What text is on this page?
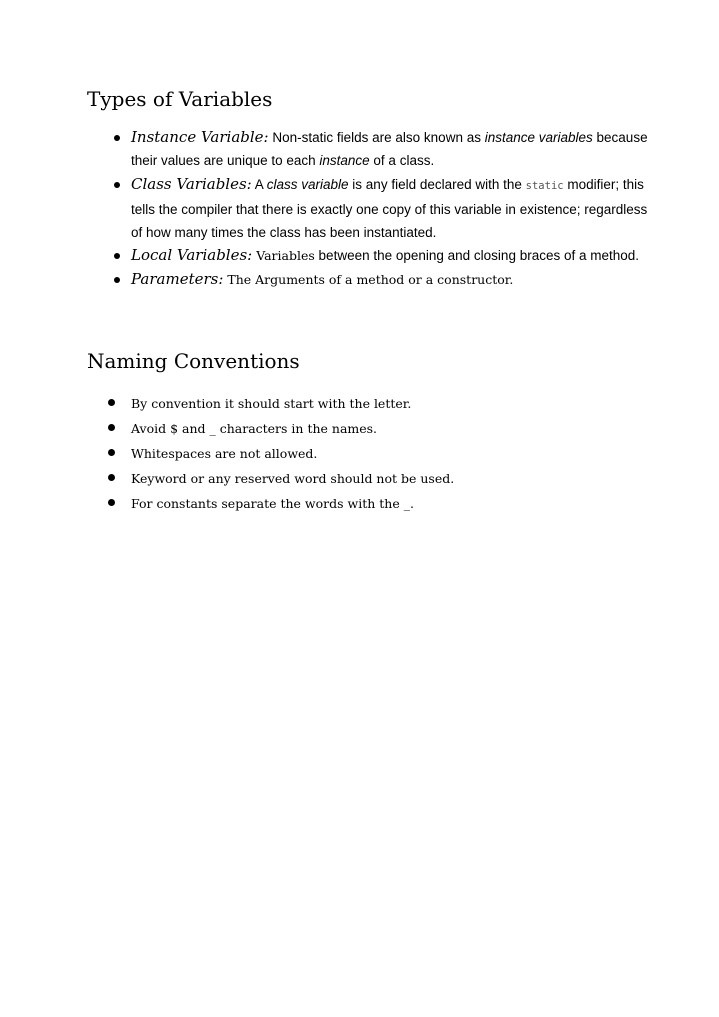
Types of Variables
Instance Variable: Non-static fields are also known as instance variables because their values are unique to each instance of a class.
Class Variables: A class variable is any field declared with the static modifier; this tells the compiler that there is exactly one copy of this variable in existence; regardless of how many times the class has been instantiated.
Local Variables: Variables between the opening and closing braces of a method.
Parameters: The Arguments of a method or a constructor.
Naming Conventions
By convention it should start with the letter.
Avoid $ and _ characters in the names.
Whitespaces are not allowed.
Keyword or any reserved word should not be used.
For constants separate the words with the _.
